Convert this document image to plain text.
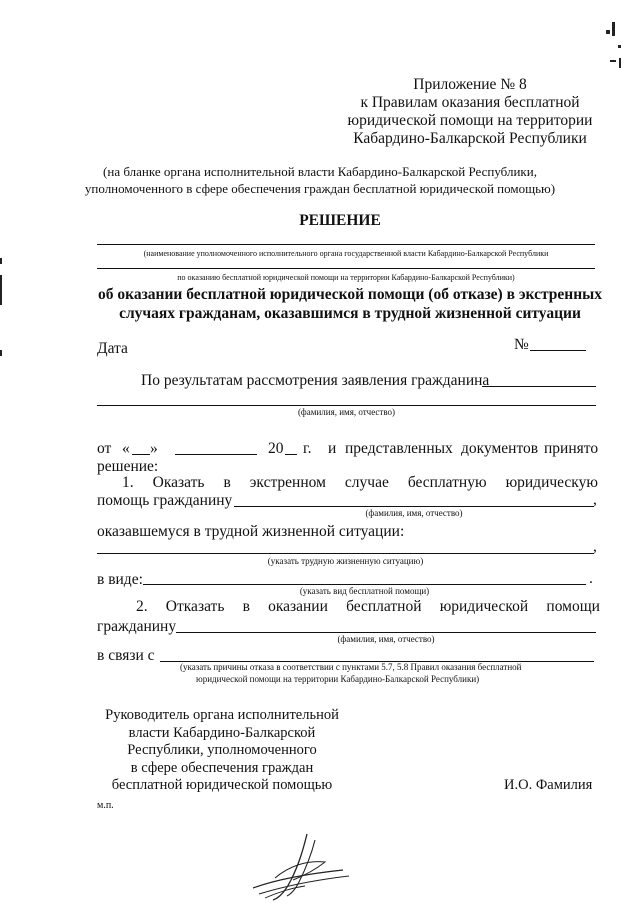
Приложение № 8
к Правилам оказания бесплатной
юридической помощи на территории
Кабардино-Балкарской Республики
(на бланке органа исполнительной власти Кабардино-Балкарской Республики,
уполномоченного в сфере обеспечения граждан бесплатной юридической помощью)
РЕШЕНИЕ
(наименование уполномоченного исполнительного органа государственной власти Кабардино-Балкарской Республики
по оказанию бесплатной юридической помощи на территории Кабардино-Балкарской Республики)
об оказании бесплатной юридической помощи (об отказе) в экстренных
случаях гражданам, оказавшимся в трудной жизненной ситуации
Дата	№
По результатам рассмотрения заявления гражданина
(фамилия, имя, отчество)
от « »	20 г. и представленных документов принято
решение:
1. Оказать в экстренном случае бесплатную юридическую
помощь гражданину	,
(фамилия, имя, отчество)
оказавшемуся в трудной жизненной ситуации:
,
(указать трудную жизненную ситуацию)
в виде:	.
(указать вид бесплатной помощи)
2. Отказать в оказании бесплатной юридической помощи
гражданину
(фамилия, имя, отчество)
в связи с
(указать причины отказа в соответствии с пунктами 5.7, 5.8 Правил оказания бесплатной
юридической помощи на территории Кабардино-Балкарской Республики)
Руководитель органа исполнительной
власти Кабардино-Балкарской
Республики, уполномоченного
в сфере обеспечения граждан
бесплатной юридической помощью	И.О. Фамилия
м.п.
